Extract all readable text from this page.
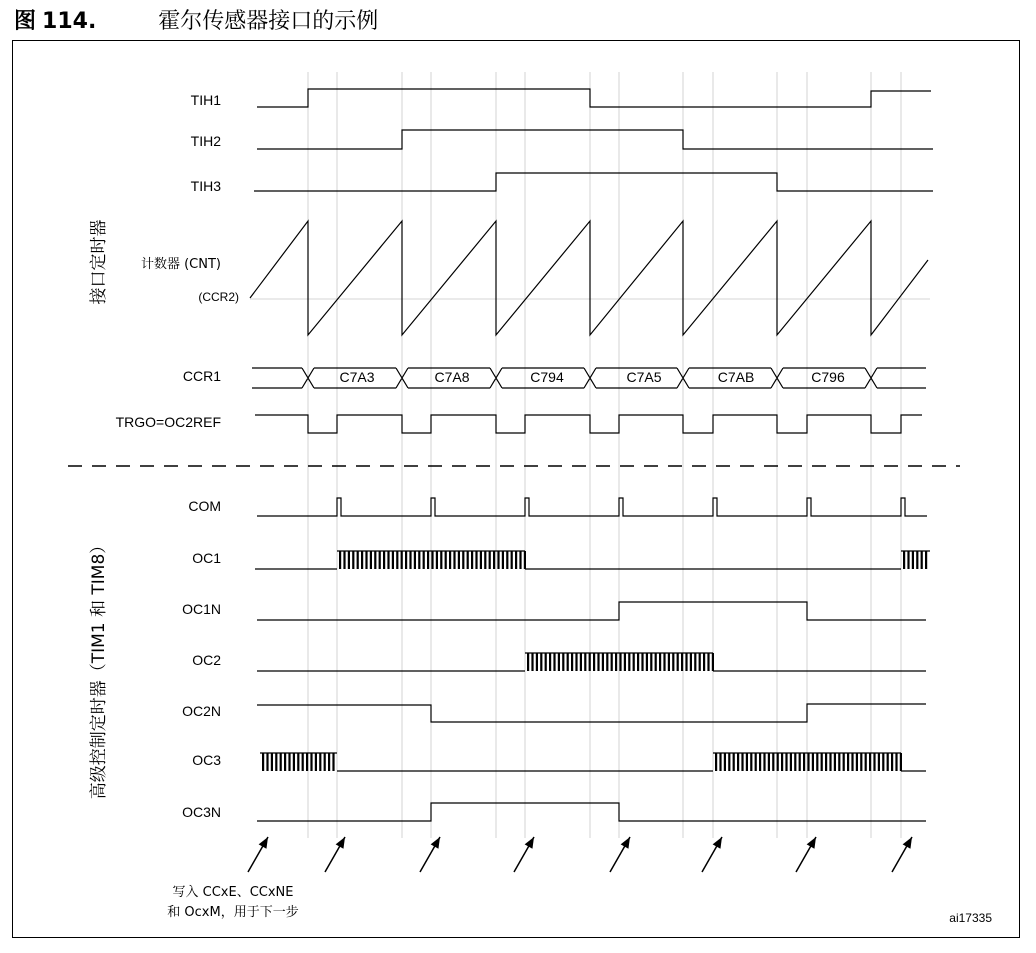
图 114.	霍尔传感器接口的示例
接口定时器
高级控制定时器（TIM1 和 TIM8）
TIH1
TIH2
TIH3
计数器 (CNT)
(CCR2)
CCR1
TRGO=OC2REF
COM
OC1
OC1N
OC2
OC2N
OC3
OC3N
C7A3	C7A8	C794	C7A5	C7AB	C796
写入 CCxE、CCxNE
和 OcxM，用于下一步	ai17335
